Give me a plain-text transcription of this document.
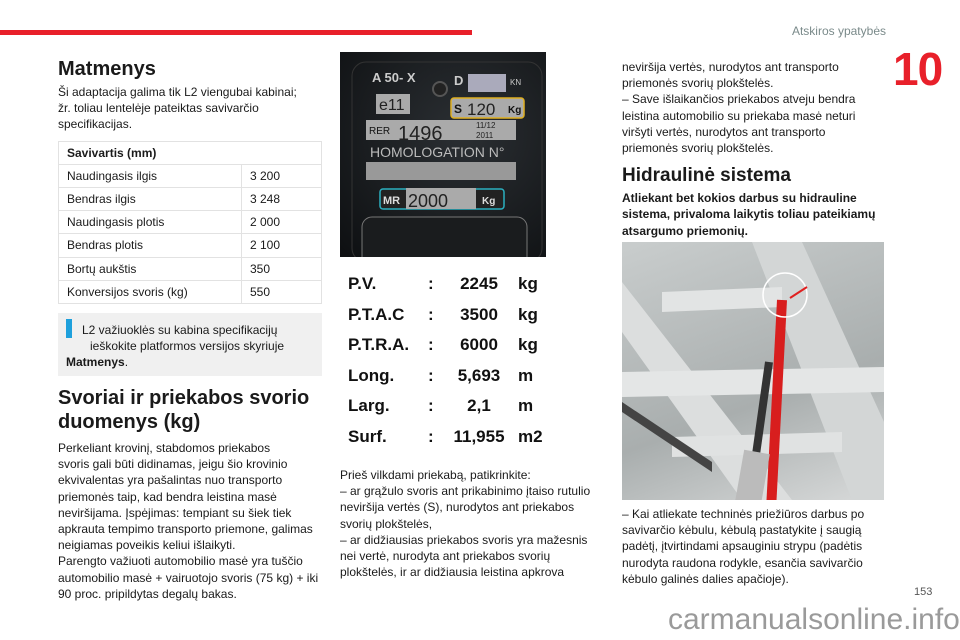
Atskiros ypatybės
10
Matmenys
Ši adaptacija galima tik L2 viengubai kabinai;
žr. toliau lentelėje pateiktas savivarčio
specifikacijas.
Savivartis (mm)	
Naudingasis ilgis	3 200
Bendras ilgis	3 248
Naudingasis plotis	2 000
Bendras plotis	2 100
Bortų aukštis	350
Konversijos svoris (kg)	550
L2 važiuoklės su kabina specifikacijų
ieškokite platformos versijos skyriuje
Matmenys.
Svoriai ir priekabos svorio
duomenys (kg)
Perkeliant krovinį, stabdomos priekabos
svoris gali būti didinamas, jeigu šio krovinio
ekvivalentas yra pašalintas nuo transporto
priemonės taip, kad bendra leistina masė
neviršijama. Įspėjimas: tempiant su šiek tiek
apkrauta tempimo transporto priemone, galimas
neigiamas poveikis keliui išlaikyti.
Parengto važiuoti automobilio masė yra tuščio
automobilio masė + vairuotojo svoris (75 kg) + iki
90 proc. pripildytas degalų bakas.
A 50- X	D	KN
e11	S 120 Kg
RER 1496	11/12
2011
HOMOLOGATION N°
MR 2000	Kg
P.V.	: 2245 kg
P.T.A.C : 3500 kg
P.T.R.A. : 6000 kg
Long. : 5,693 m
Larg. : 2,1 m
Surf. : 11,955 m2
Prieš vilkdami priekabą, patikrinkite:
– ar grąžulo svoris ant prikabinimo įtaiso rutulio
neviršija vertės (S), nurodytos ant priekabos
svorių plokštelės,
– ar didžiausias priekabos svoris yra mažesnis
nei vertė, nurodyta ant priekabos svorių
plokštelės, ir ar didžiausia leistina apkrova
neviršija vertės, nurodytos ant transporto
priemonės svorių plokštelės.
– Save išlaikančios priekabos atveju bendra
leistina automobilio su priekaba masė neturi
viršyti vertės, nurodytos ant transporto
priemonės svorių plokštelės.
Hidraulinė sistema
Atliekant bet kokios darbus su hidrauline
sistema, privaloma laikytis toliau pateikiamų
atsargumo priemonių.
– Kai atliekate techninės priežiūros darbus po
savivarčio kėbulu, kėbulą pastatykite į saugią
padėtį, įtvirtindami apsauginiu strypu (padėtis
nurodyta raudona rodykle, esančia savivarčio
kėbulo galinės dalies apačioje).
carmanualsonline.info
153
